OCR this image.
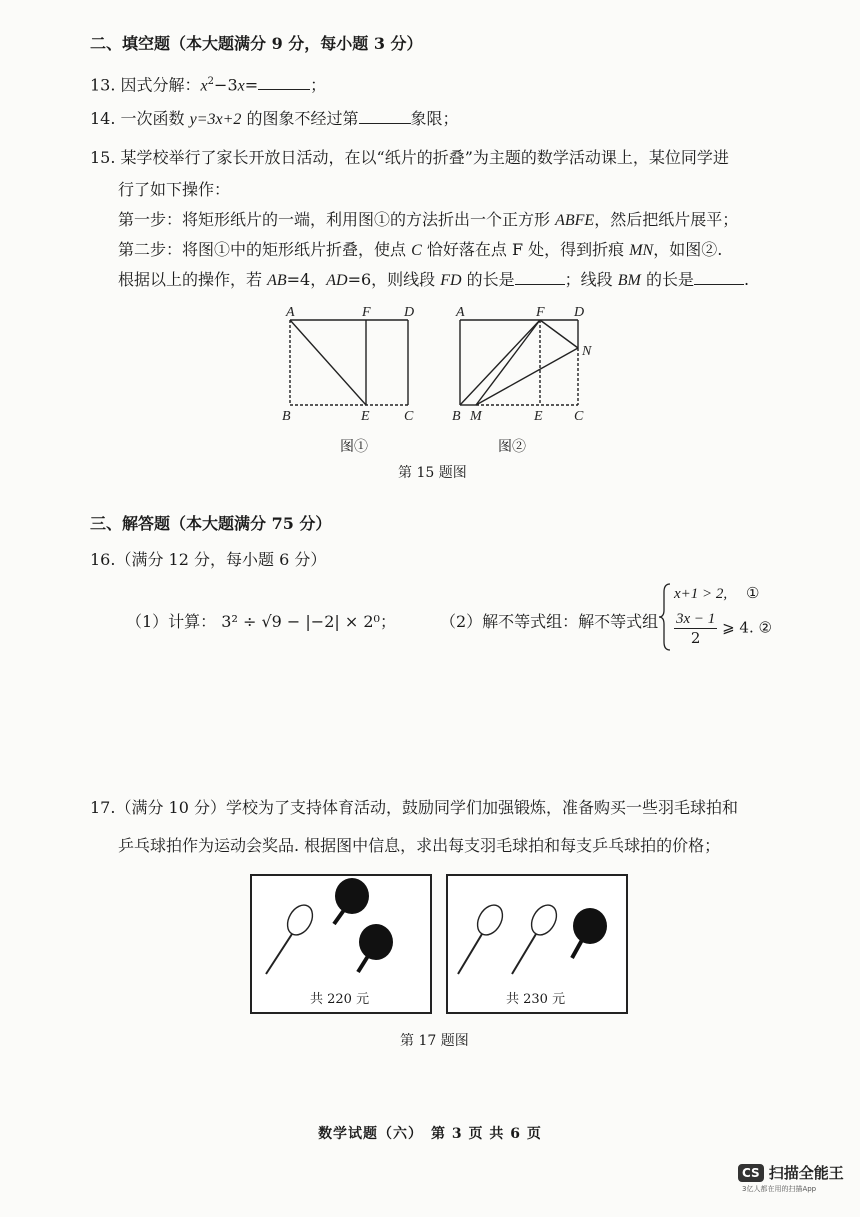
二、填空题（本大题满分 9 分，每小题 3 分）
13. 因式分解：$x^2-3x=$	；
14. 一次函数 y=3x+2 的图象不经过第	象限；
15. 某学校举行了家长开放日活动，在以“纸片的折叠”为主题的数学活动课上，某位同学进
行了如下操作：
第一步：将矩形纸片的一端，利用图①的方法折出一个正方形 ABFE，然后把纸片展平；
第二步：将图①中的矩形纸片折叠，使点 C 恰好落在点 F 处，得到折痕 MN，如图②.
根据以上的操作，若 AB=4，AD=6，则线段 FD 的长是	；线段 BM 的长是	.
A	F D
B	E C
图①
A	F D
N
B M	E C
图②
第 15 题图
三、解答题（本大题满分 75 分）
16.（满分 12 分，每小题 6 分）
（1）计算： 3² ÷ √9 − |−2| × 2⁰；	（2）解不等式组：解不等式组
x+1 > 2, ①
$\frac{3x - 1}{2}$ ⩾ 4. ②
17.（满分 10 分）学校为了支持体育活动，鼓励同学们加强锻炼，准备购买一些羽毛球拍和
乒乓球拍作为运动会奖品. 根据图中信息，求出每支羽毛球拍和每支乒乓球拍的价格；
共 220 元	共 230 元
第 17 题图
数学试题（六）　第 3 页 共 6 页
CS 扫描全能王
3亿人都在用的扫描App
